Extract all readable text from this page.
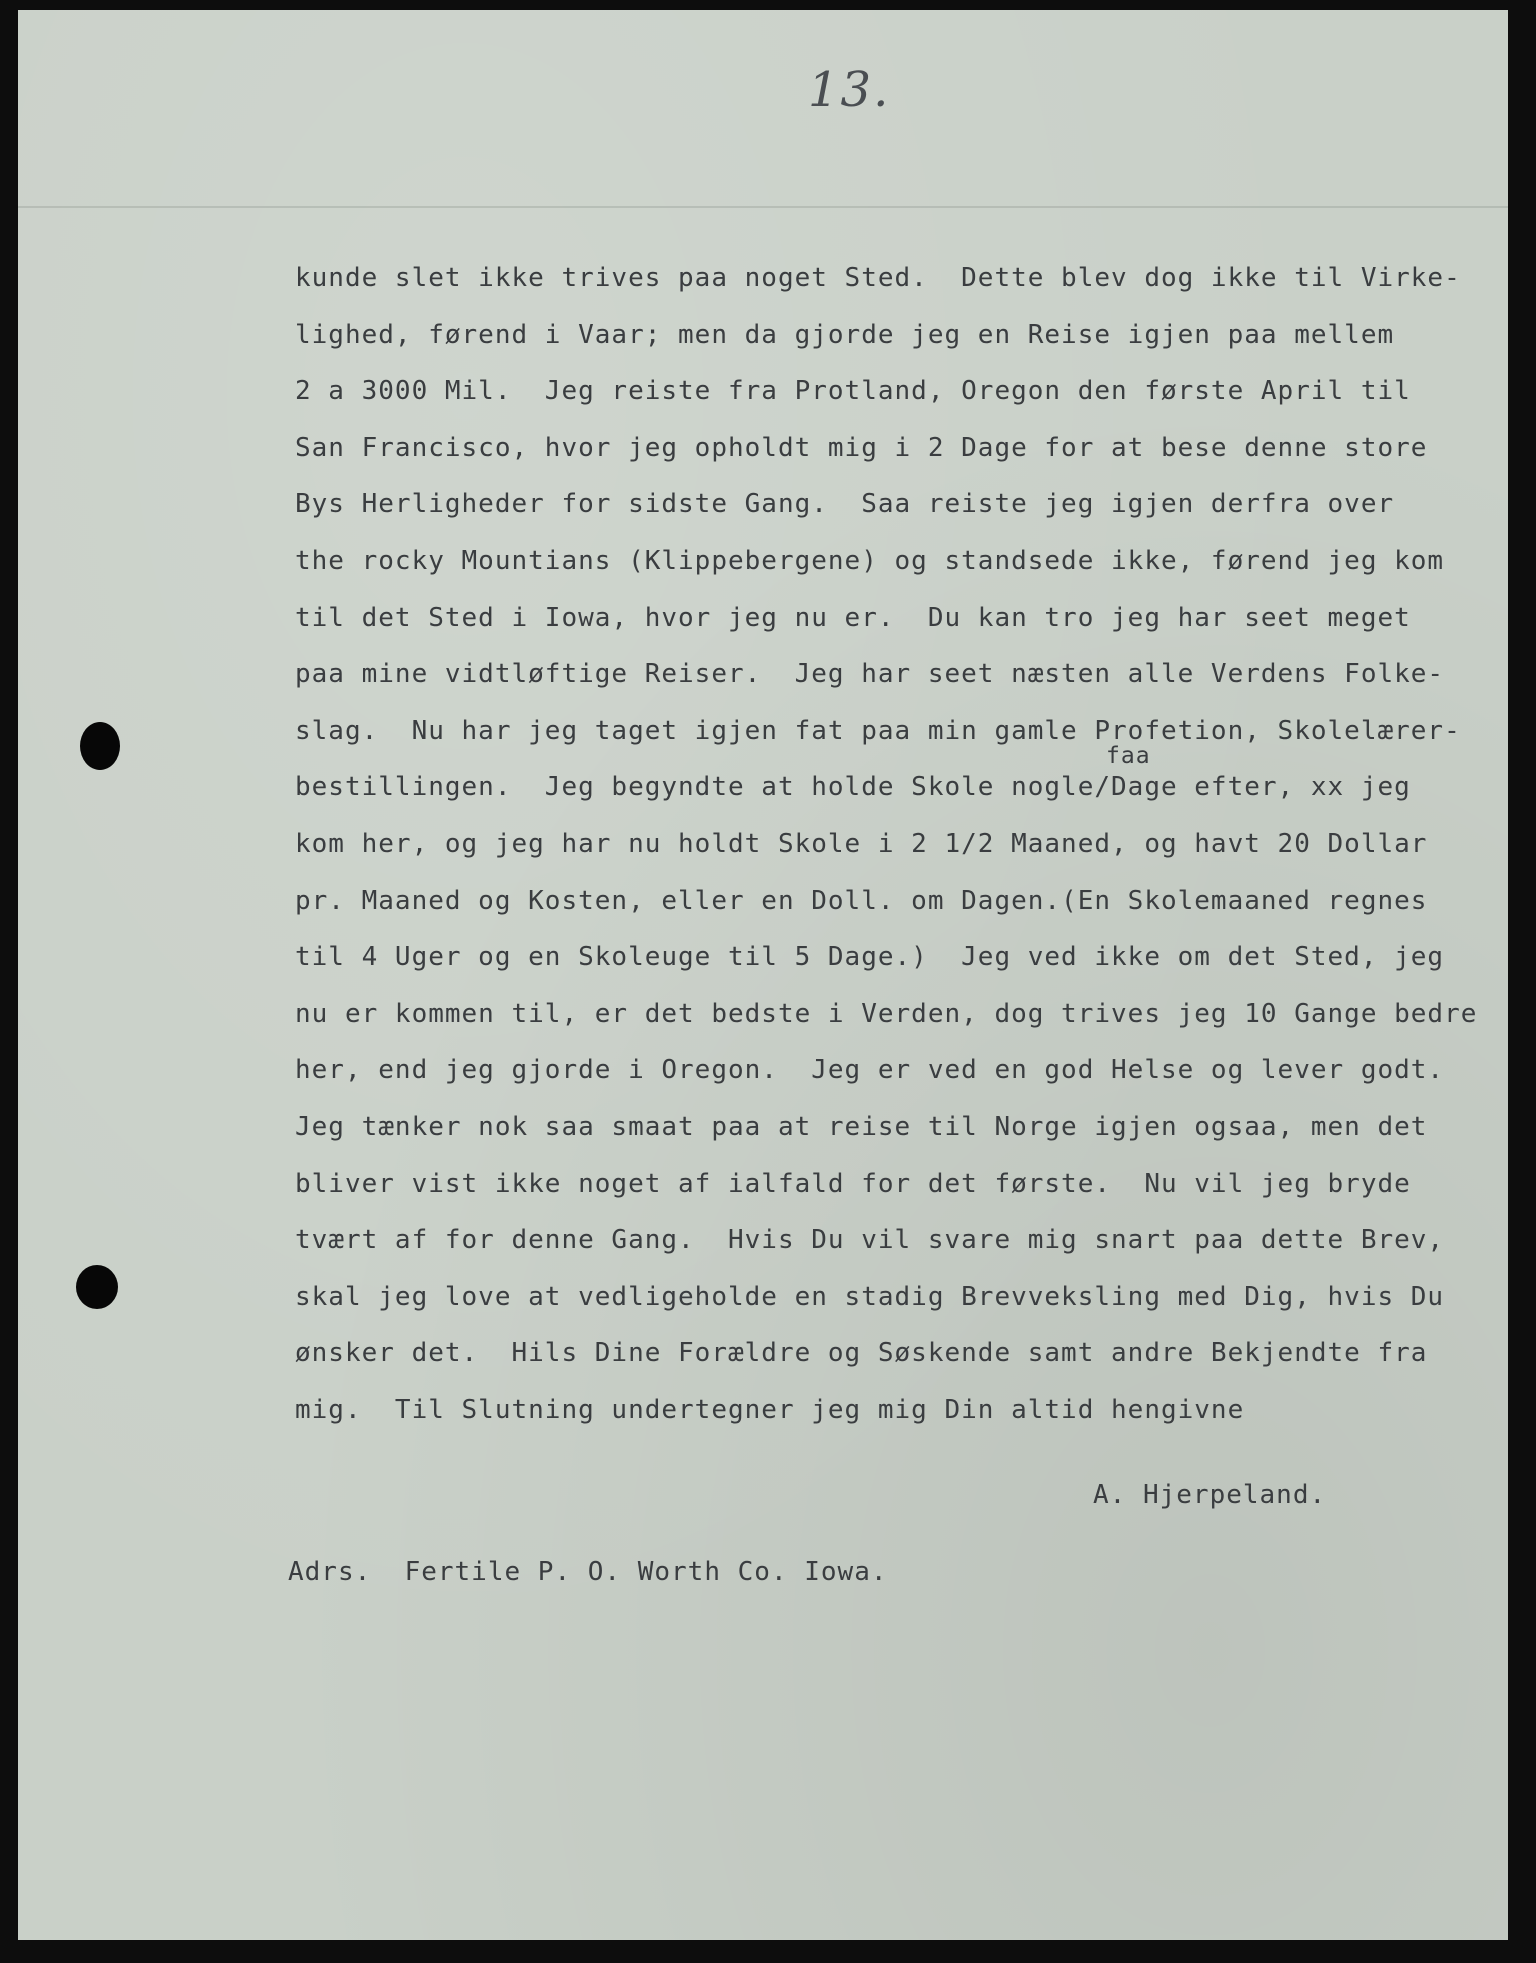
13.
kunde slet ikke trives paa noget Sted.  Dette blev dog ikke til Virke-
lighed, førend i Vaar; men da gjorde jeg en Reise igjen paa mellem
2 a 3000 Mil.  Jeg reiste fra Protland, Oregon den første April til
San Francisco, hvor jeg opholdt mig i 2 Dage for at bese denne store
Bys Herligheder for sidste Gang.  Saa reiste jeg igjen derfra over
the rocky Mountians (Klippebergene) og standsede ikke, førend jeg kom
til det Sted i Iowa, hvor jeg nu er.  Du kan tro jeg har seet meget
paa mine vidtløftige Reiser.  Jeg har seet næsten alle Verdens Folke-
slag.  Nu har jeg taget igjen fat paa min gamle Profetion, Skolelærer-
bestillingen.  Jeg begyndte at holde Skole nogle/Dage efter, xx jeg
kom her, og jeg har nu holdt Skole i 2 1/2 Maaned, og havt 20 Dollar
pr. Maaned og Kosten, eller en Doll. om Dagen.(En Skolemaaned regnes
til 4 Uger og en Skoleuge til 5 Dage.)  Jeg ved ikke om det Sted, jeg
nu er kommen til, er det bedste i Verden, dog trives jeg 10 Gange bedre
her, end jeg gjorde i Oregon.  Jeg er ved en god Helse og lever godt.
Jeg tænker nok saa smaat paa at reise til Norge igjen ogsaa, men det
bliver vist ikke noget af ialfald for det første.  Nu vil jeg bryde
tvært af for denne Gang.  Hvis Du vil svare mig snart paa dette Brev,
skal jeg love at vedligeholde en stadig Brevveksling med Dig, hvis Du
ønsker det.  Hils Dine Forældre og Søskende samt andre Bekjendte fra
mig.  Til Slutning undertegner jeg mig Din altid hengivne
faa
A. Hjerpeland.
Adrs.  Fertile P. O. Worth Co. Iowa.
